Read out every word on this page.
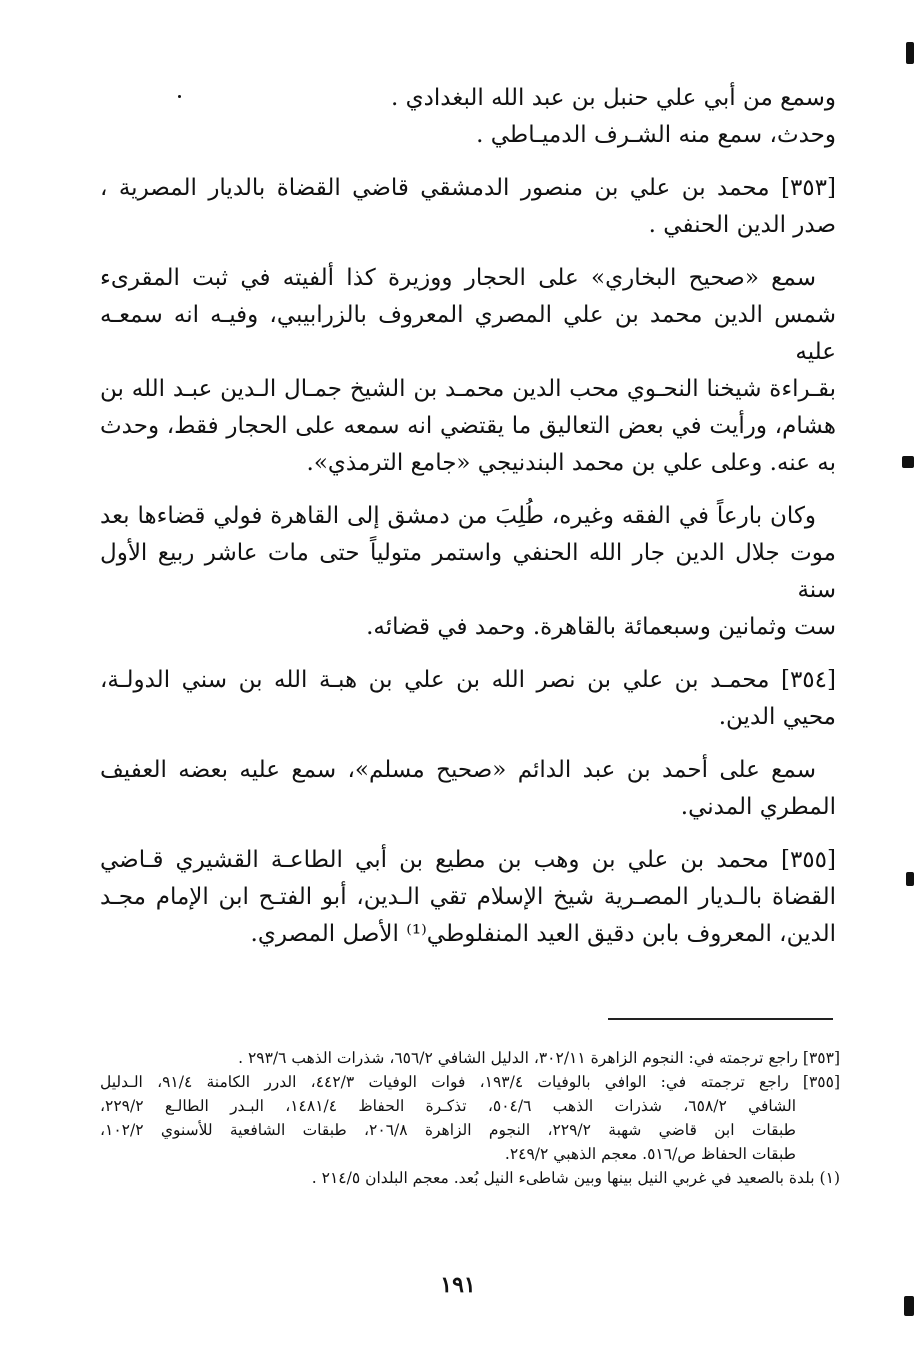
وسمع من أبي علي حنبل بن عبد الله البغدادي .
وحدث، سمع منه الشـرف الدميـاطي .

[٣٥٣] محمد بن علي بن منصور الدمشقي قاضي القضاة بالديار المصرية ،
صدر الدين الحنفي .

سمع «صحيح البخاري» على الحجار ووزيرة كذا ألفيته في ثبت المقرىء
شمس الدين محمد بن علي المصري المعروف بالزرابيبي، وفيـه انه سمعـه عليه
بقـراءة شيخنا النحـوي محب الدين محمـد بن الشيخ جمـال الـدين عبـد الله بن
هشام، ورأيت في بعض التعاليق ما يقتضي انه سمعه على الحجار فقط، وحدث
به عنه. وعلى علي بن محمد البندنيجي «جامع الترمذي».

وكان بارعاً في الفقه وغيره، طُلِبَ من دمشق إلى القاهرة فولي قضاءها بعد
موت جلال الدين جار الله الحنفي واستمر متولياً حتى مات عاشر ربيع الأول سنة
ست وثمانين وسبعمائة بالقاهرة. وحمد في قضائه.

[٣٥٤] محمـد بن علي بن نصر الله بن علي بن هبـة الله بن سني الدولـة،
محيي الدين.

سمع على أحمد بن عبد الدائم «صحيح مسلم»، سمع عليه بعضه العفيف
المطري المدني.

[٣٥٥] محمد بن علي بن وهب بن مطيع بن أبي الطاعـة القشيري قـاضي
القضاة بالـديار المصـرية شيخ الإسلام تقي الـدين، أبو الفتـح ابن الإمام مجـد
الدين، المعروف بابن دقيق العيد المنفلوطي⁽¹⁾ الأصل المصري.

[٣٥٣] راجع ترجمته في: النجوم الزاهرة ٣٠٢/١١، الدليل الشافي ٦٥٦/٢، شذرات الذهب ٢٩٣/٦ .

[٣٥٥] راجع ترجمته في: الوافي بالوفيات ١٩٣/٤، فوات الوفيات ٤٤٢/٣، الدرر الكامنة ٩١/٤، الـدليل
الشافي ٦٥٨/٢، شذرات الذهب ٥٠٤/٦، تذكـرة الحفاظ ١٤٨١/٤، البـدر الطالـع ٢٢٩/٢،
طبقات ابن قاضي شهبة ٢٢٩/٢، النجوم الزاهرة ٢٠٦/٨، طبقات الشافعية للأسنوي ١٠٢/٢،
طبقات الحفاظ ص/٥١٦. معجم الذهبي ٢٤٩/٢.

(١) بلدة بالصعيد في غربي النيل بينها وبين شاطىء النيل بُعد. معجم البلدان ٢١٤/٥ .

١٩١
